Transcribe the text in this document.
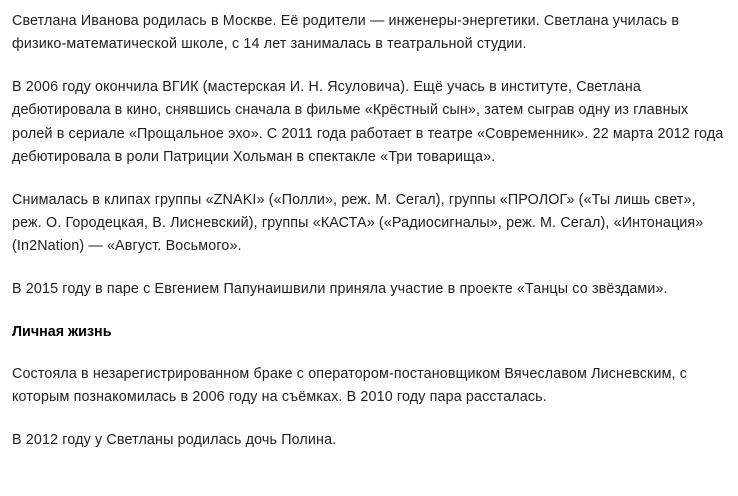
Светлана Иванова родилась в Москве. Её родители — инженеры-энергетики. Светлана училась в физико-математической школе, с 14 лет занималась в театральной студии.

В 2006 году окончила ВГИК (мастерская И. Н. Ясуловича). Ещё учась в институте, Светлана дебютировала в кино, снявшись сначала в фильме «Крёстный сын», затем сыграв одну из главных ролей в сериале «Прощальное эхо». С 2011 года работает в театре «Современник». 22 марта 2012 года дебютировала в роли Патриции Хольман в спектакле «Три товарища».

Снималась в клипах группы «ZNAKI» («Полли», реж. М. Сегал), группы «ПРОЛОГ» («Ты лишь свет», реж. О. Городецкая, В. Лисневский), группы «КАСТА» («Радиосигналы», реж. М. Сегал), «Интонация» (In2Nation) — «Август. Восьмого».

В 2015 году в паре с Евгением Папунаишвили приняла участие в проекте «Танцы со звёздами».

Личная жизнь

Состояла в незарегистрированном браке с оператором-постановщиком Вячеславом Лисневским, с которым познакомилась в 2006 году на съёмках. В 2010 году пара рассталась.

В 2012 году у Светланы родилась дочь Полина.
